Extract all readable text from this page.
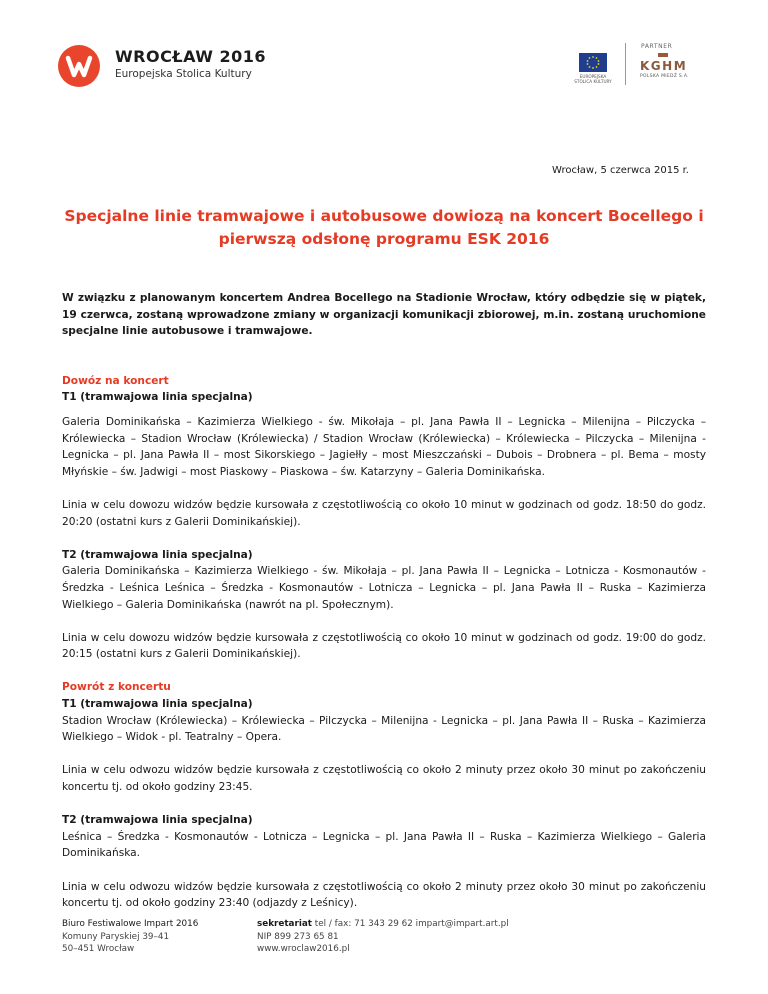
WROCŁAW 2016
Europejska Stolica Kultury	EUROPEJSKA STOLICA KULTURY
PARTNER
KGHM
POLSKA MIEDŹ S.A.
Wrocław, 5 czerwca 2015 r.
Specjalne linie tramwajowe i autobusowe dowiozą na koncert Bocellego i pierwszą odsłonę programu ESK 2016

W związku z planowanym koncertem Andrea Bocellego na Stadionie Wrocław, który odbędzie się w piątek, 19 czerwca, zostaną wprowadzone zmiany w organizacji komunikacji zbiorowej, m.in. zostaną uruchomione specjalne linie autobusowe i tramwajowe.

Dowóz na koncert

T1 (tramwajowa linia specjalna)

Galeria Dominikańska – Kazimierza Wielkiego - św. Mikołaja – pl. Jana Pawła II – Legnicka – Milenijna – Pilczycka – Królewiecka – Stadion Wrocław (Królewiecka) / Stadion Wrocław (Królewiecka) – Królewiecka – Pilczycka – Milenijna - Legnicka – pl. Jana Pawła II – most Sikorskiego – Jagiełły – most Mieszczański – Dubois – Drobnera – pl. Bema – mosty Młyńskie – św. Jadwigi – most Piaskowy – Piaskowa – św. Katarzyny – Galeria Dominikańska.

Linia w celu dowozu widzów będzie kursowała z częstotliwością co około 10 minut w godzinach od godz. 18:50 do godz. 20:20 (ostatni kurs z Galerii Dominikańskiej).

T2 (tramwajowa linia specjalna)

Galeria Dominikańska – Kazimierza Wielkiego - św. Mikołaja – pl. Jana Pawła II – Legnicka – Lotnicza - Kosmonautów - Średzka - Leśnica Leśnica – Średzka - Kosmonautów - Lotnicza – Legnicka – pl. Jana Pawła II – Ruska – Kazimierza Wielkiego – Galeria Dominikańska (nawrót na pl. Społecznym).

Linia w celu dowozu widzów będzie kursowała z częstotliwością co około 10 minut w godzinach od godz. 19:00 do godz. 20:15 (ostatni kurs z Galerii Dominikańskiej).

Powrót z koncertu

T1 (tramwajowa linia specjalna)

Stadion Wrocław (Królewiecka) – Królewiecka – Pilczycka – Milenijna - Legnicka – pl. Jana Pawła II – Ruska – Kazimierza Wielkiego – Widok - pl. Teatralny – Opera.

Linia w celu odwozu widzów będzie kursowała z częstotliwością co około 2 minuty przez około 30 minut po zakończeniu koncertu tj. od około godziny 23:45.

T2 (tramwajowa linia specjalna)

Leśnica – Średzka - Kosmonautów - Lotnicza – Legnicka – pl. Jana Pawła II – Ruska – Kazimierza Wielkiego – Galeria Dominikańska.

Linia w celu odwozu widzów będzie kursowała z częstotliwością co około 2 minuty przez około 30 minut po zakończeniu koncertu tj. od około godziny 23:40 (odjazdy z Leśnicy).

Biuro Festiwalowe Impart 2016
Komuny Paryskiej 39–41
50–451 Wrocław
sekretariat tel / fax: 71 343 29 62 impart@impart.art.pl
NIP 899 273 65 81
www.wroclaw2016.pl
